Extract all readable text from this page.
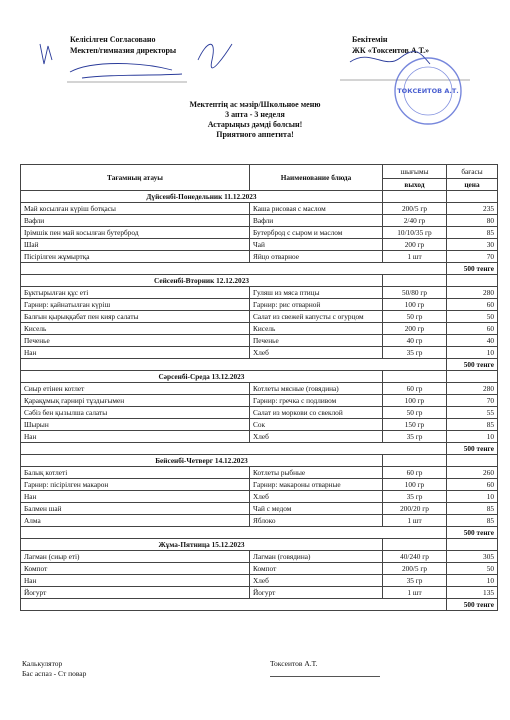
Келісілген Согласовано
Мектеп/гимназия директоры
Бекітемін
ЖК «Токсеитов А.Т.»
ТОКСЕИТОВ А.Т.
Мектептің ас мәзір/Школьное меню
3 апта - 3 неделя
Астарыңыз дәмді болсын!
Приятного аппетита!
Тағамның атауы	Наименование блюда	шығымы	бағасы
		выход	цена
Дүйсенбі-Понедельник 11.12.2023			
Май косылған күріш ботқасы	Каша рисовая с маслом	200/5 гр	235
Вафли	Вафли	2/40 гр	80
Ірімшік пен май косылған бутерброд	Бутерброд с сыром и маслом	10/10/35 гр	85
Шай	Чай	200 гр	30
Пісірілген жұмыртқа	Яйцо отварное	1 шт	70
			500 тенге
Сейсенбі-Вторник 12.12.2023			
Бұктырылған құс еті	Гуляш из мяса птицы	50/80 гр	280
Гарнир: қайнатылған күріш	Гарнир: рис отварной	100 гр	60
Балғын қырыққабат пен кияр салаты	Салат из свежей капусты с огурцом	50 гр	50
Кисель	Кисель	200 гр	60
Печенье	Печенье	40 гр	40
Нан	Хлеб	35 гр	10
			500 тенге
Сәрсенбі-Среда 13.12.2023			
Сиыр етінен котлет	Котлеты мясные (говядина)	60 гр	280
Қарақұмық гарнирі тұздығымен	Гарнир: гречка с подливом	100 гр	70
Сәбіз бен қызылша салаты	Салат из моркови со свеклой	50 гр	55
Шырын	Сок	150 гр	85
Нан	Хлеб	35 гр	10
			500 тенге
Бейсенбі-Четверг 14.12.2023			
Балық котлеті	Котлеты рыбные	60 гр	260
Гарнир: пісірілген макарон	Гарнир: макароны отварные	100 гр	60
Нан	Хлеб	35 гр	10
Балмен шай	Чай с медом	200/20 гр	85
Алма	Яблоко	1 шт	85
			500 тенге
Жұма-Пятница 15.12.2023			
Лагман (сиыр еті)	Лагман (говядина)	40/240 гр	305
Компот	Компот	200/5 гр	50
Нан	Хлеб	35 гр	10
Йогурт	Йогурт	1 шт	135
			500 тенге
Калькулятор
Бас аспаз - Ст повар
Токсеитов А.Т.
